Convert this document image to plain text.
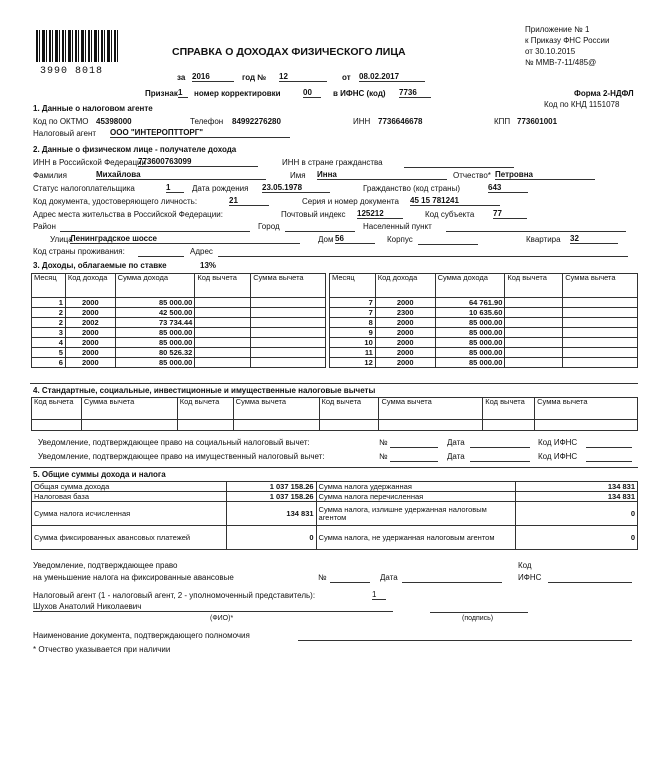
3990 8018
Приложение № 1
к Приказу ФНС России
от 30.10.2015
№ ММВ-7-11/485@
СПРАВКА О ДОХОДАХ ФИЗИЧЕСКОГО ЛИЦА
за 2016	год № 12	от 08.02.2017
Признак 1	номер корректировки	00	в ИФНС (код) 7736	Форма 2-НДФЛ
Код по КНД 1151078
1. Данные о налоговом агенте
Код по ОКТМО 45398000	Телефон 84992276280	ИНН 7736646678	КПП 773601001
Налоговый агент ООО "ИНТЕРОПТТОРГ"
2. Данные о физическом лице - получателе дохода
ИНН в Российской Федерации
773600763099	ИНН в стране гражданства
Фамилия	Михайлова	Имя Инна	Отчество* Петровна
Статус налогоплательщика	1	Дата рождения 23.05.1978	Гражданство (код страны)	643
Код документа, удостоверяющего личность:	21	Серия и номер документа 45 15 781241
Адрес места жительства в Российской Федерации:	Почтовый индекс 125212	Код субъекта 77
Район	Город	Населенный пункт
Улица
Ленинградское шоссе	Дом 56	Корпус	Квартира 32
Код страны проживания:	Адрес
3. Доходы, облагаемые по ставке	13%
Месяц	Код дохода	Сумма дохода	Код вычета	Сумма вычета
1	2000	85 000.00		
2	2000	42 500.00		
2	2002	73 734.44		
3	2000	85 000.00		
4	2000	85 000.00		
5	2000	80 526.32		
6	2000	85 000.00		
Месяц	Код дохода	Сумма дохода	Код вычета	Сумма вычета
7	2000	64 761.90		
7	2300	10 635.60		
8	2000	85 000.00		
9	2000	85 000.00		
10	2000	85 000.00		
11	2000	85 000.00		
12	2000	85 000.00		
4. Стандартные, социальные, инвестиционные и имущественные налоговые вычеты
Код вычета	Сумма вычета	Код вычета	Сумма вычета	Код вычета	Сумма вычета	Код вычета	Сумма вычета

Уведомление, подтверждающее право на социальный налоговый вычет:	№	Дата	Код ИФНС
Уведомление, подтверждающее право на имущественный налоговый вычет:	№	Дата	Код ИФНС
5. Общие суммы дохода и налога
Общая сумма дохода	1 037 158.26	Сумма налога удержанная	134 831
Налоговая база	1 037 158.26	Сумма налога перечисленная	134 831
Сумма налога исчисленная	134 831	Сумма налога, излишне удержанная налоговым агентом	0
Сумма фиксированных авансовых платежей	0	Сумма налога, не удержанная налоговым агентом	0
Уведомление, подтверждающее право
на уменьшение налога на фиксированные авансовые
Код
№	Дата	ИФНС
Налоговый агент (1 - налоговый агент, 2 - уполномоченный представитель):	1
Шухов Анатолий Николаевич
(ФИО)*	(подпись)
Наименование документа, подтверждающего полномочия
* Отчество указывается при наличии
